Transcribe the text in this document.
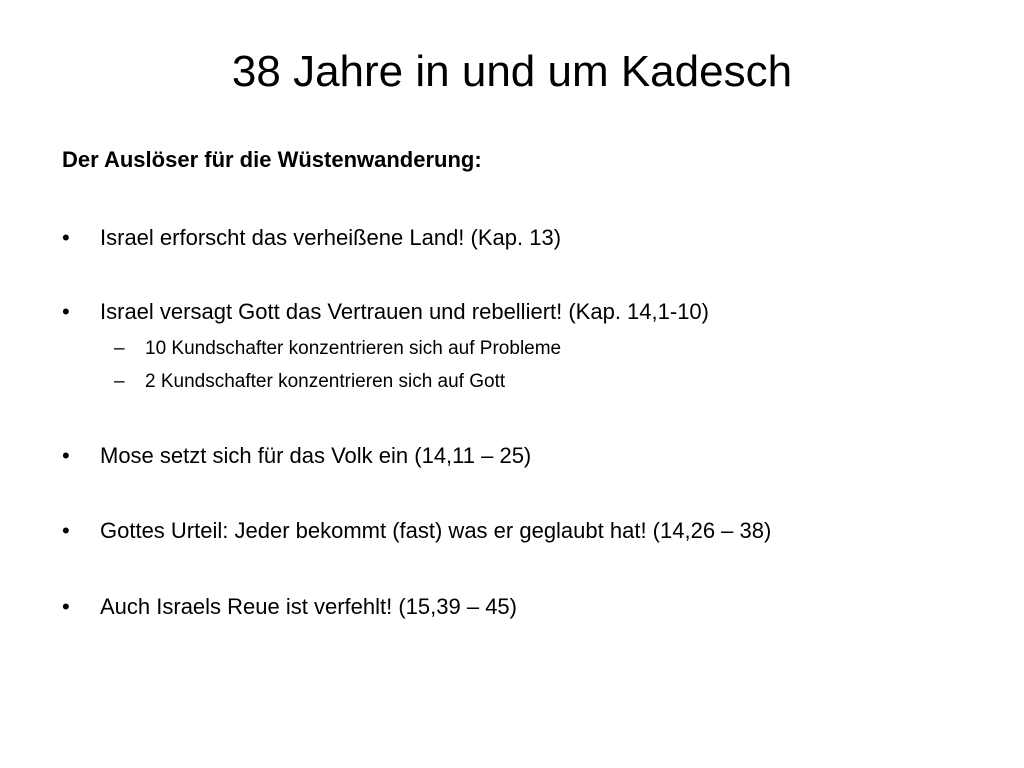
38 Jahre in und um Kadesch
Der Auslöser für die Wüstenwanderung:
• Israel erforscht das verheißene Land! (Kap. 13)
• Israel versagt Gott das Vertrauen und rebelliert! (Kap. 14,1-10)
– 10 Kundschafter konzentrieren sich auf Probleme
– 2 Kundschafter konzentrieren sich auf Gott
• Mose setzt sich für das Volk ein (14,11 – 25)
• Gottes Urteil: Jeder bekommt (fast) was er geglaubt hat! (14,26 – 38)
• Auch Israels Reue ist verfehlt! (15,39 – 45)
